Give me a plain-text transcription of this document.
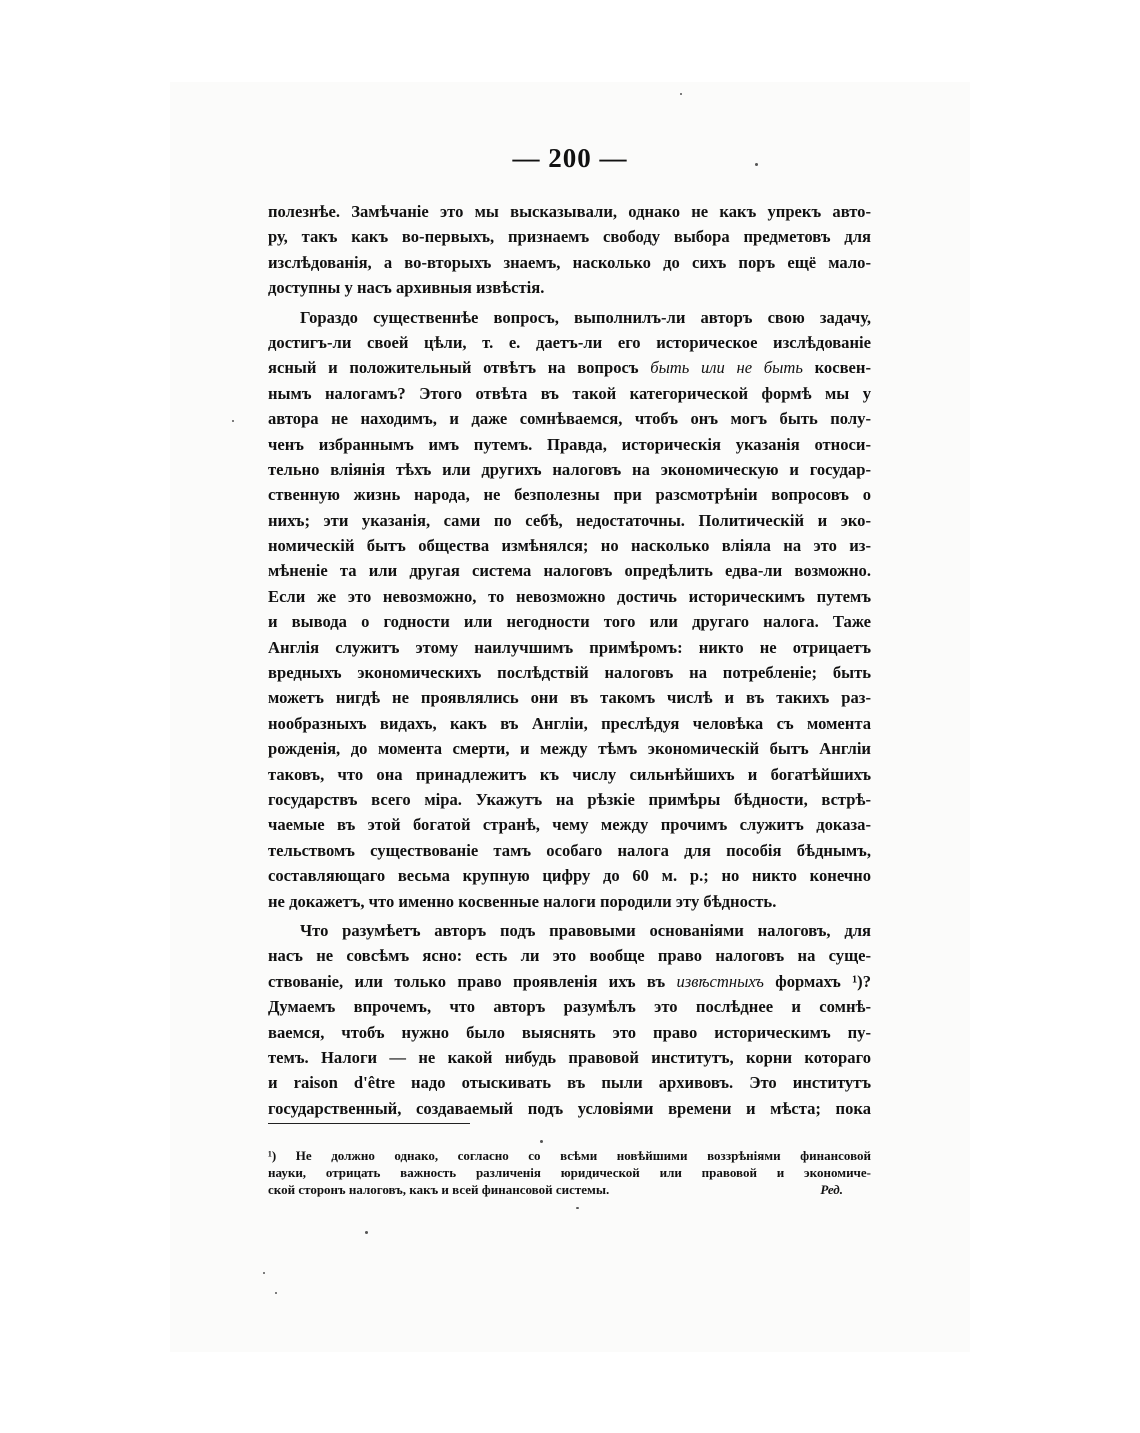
— 200 —
полезнѣе. Замѣчаніе это мы высказывали, однако не какъ упрекъ авто-
ру, такъ какъ во-первыхъ, признаемъ свободу выбора предметовъ для
изслѣдованія, а во-вторыхъ знаемъ, насколько до сихъ поръ ещё мало-
доступны у насъ архивныя извѣстія.
Гораздо существеннѣе вопросъ, выполнилъ-ли авторъ свою задачу,
достигъ-ли своей цѣли, т. е. даетъ-ли его историческое изслѣдованіе
ясный и положительный отвѣтъ на вопросъ быть или не быть косвен-
нымъ налогамъ? Этого отвѣта въ такой категорической формѣ мы у
автора не находимъ, и даже сомнѣваемся, чтобъ онъ могъ быть полу-
ченъ избраннымъ имъ путемъ. Правда, историческія указанія относи-
тельно вліянія тѣхъ или другихъ налоговъ на экономическую и государ-
ственную жизнь народа, не безполезны при разсмотрѣніи вопросовъ о
нихъ; эти указанія, сами по себѣ, недостаточны. Политическій и эко-
номическій бытъ общества измѣнялся; но насколько вліяла на это из-
мѣненіе та или другая система налоговъ опредѣлить едва-ли возможно.
Если же это невозможно, то невозможно достичь историческимъ путемъ
и вывода о годности или негодности того или другаго налога. Таже
Англія служитъ этому наилучшимъ примѣромъ: никто не отрицаетъ
вредныхъ экономическихъ послѣдствій налоговъ на потребленіе; быть
можетъ нигдѣ не проявлялись они въ такомъ числѣ и въ такихъ раз-
нообразныхъ видахъ, какъ въ Англіи, преслѣдуя человѣка съ момента
рожденія, до момента смерти, и между тѣмъ экономическій бытъ Англіи
таковъ, что она принадлежитъ къ числу сильнѣйшихъ и богатѣйшихъ
государствъ всего міра. Укажутъ на рѣзкіе примѣры бѣдности, встрѣ-
чаемые въ этой богатой странѣ, чему между прочимъ служитъ доказа-
тельствомъ существованіе тамъ особаго налога для пособія бѣднымъ,
составляющаго весьма крупную цифру до 60 м. р.; но никто конечно
не докажетъ, что именно косвенные налоги породили эту бѣдность.
Что разумѣетъ авторъ подъ правовыми основаніями налоговъ, для
насъ не совсѣмъ ясно: есть ли это вообще право налоговъ на суще-
ствованіе, или только право проявленія ихъ въ извѣстныхъ формахъ ¹)?
Думаемъ впрочемъ, что авторъ разумѣлъ это послѣднее и сомнѣ-
ваемся, чтобъ нужно было выяснять это право историческимъ пу-
темъ. Налоги — не какой нибудь правовой институтъ, корни котораго
и raison d'être надо отыскивать въ пыли архивовъ. Это институтъ
государственный, создаваемый подъ условіями времени и мѣста; пока
¹) Не должно однако, согласно со всѣми новѣйшими воззрѣніями финансовой
науки, отрицать важность различенія юридической или правовой и экономиче-
ской сторонъ налоговъ, какъ и всей финансовой системы.	Ред.
